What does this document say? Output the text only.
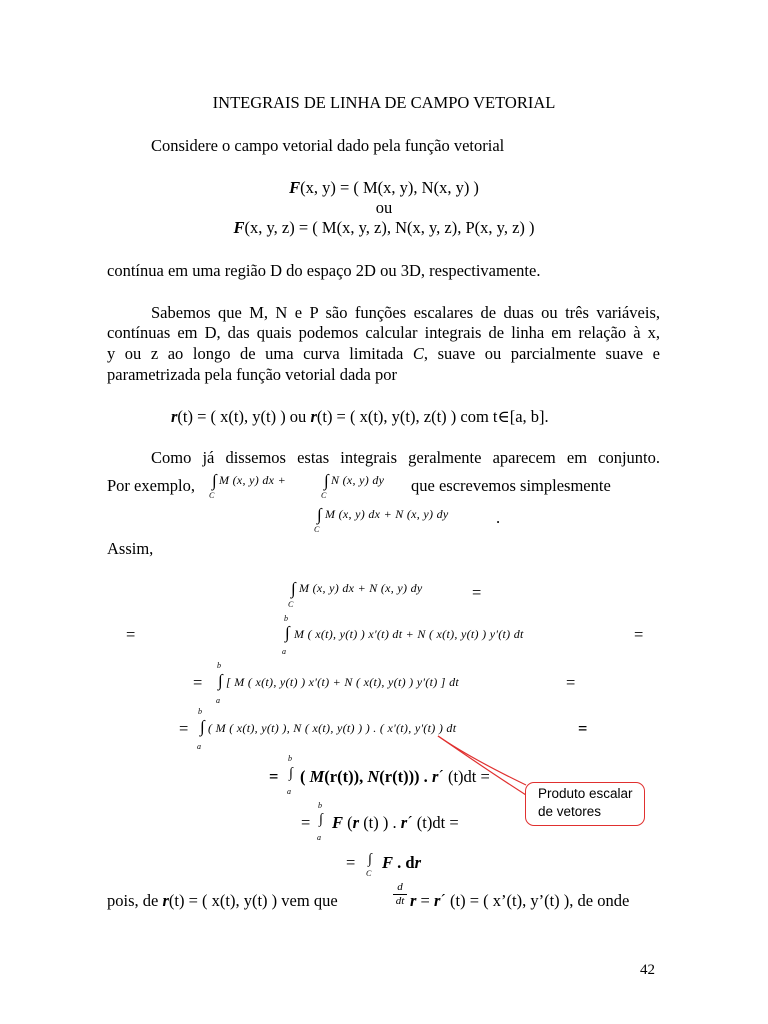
INTEGRAIS DE LINHA DE CAMPO VETORIAL
Considere o campo vetorial dado pela função vetorial
F(x, y) = ( M(x, y), N(x, y) )
ou
F(x, y, z) = ( M(x, y, z), N(x, y, z), P(x, y, z) )
contínua em uma região D do espaço 2D ou 3D, respectivamente.
Sabemos que M, N e P são funções escalares de duas ou três variáveis,
contínuas em D, das quais podemos calcular integrais de linha em relação à x,
y ou z ao longo de uma curva limitada C, suave ou parcialmente suave e
parametrizada pela função vetorial dada por
r(t) = ( x(t), y(t) ) ou r(t) = ( x(t), y(t), z(t) ) com t∈[a, b].
Como já dissemos estas integrais geralmente aparecem em conjunto.
Por exemplo, ∫
C
M (x, y) dx + ∫
C
N (x, y) dy que escrevemos simplesmente
∫
C
M (x, y) dx + N (x, y) dy	.
Assim,
∫
C
M (x, y) dx + N (x, y) dy	=
=
b
∫
a
M ( x(t), y(t) ) x'(t) dt + N ( x(t), y(t) ) y'(t) dt	=
=
b
∫
a
[ M ( x(t), y(t) ) x'(t) + N ( x(t), y(t) ) y'(t) ] dt	=
=
b
∫
a
( M ( x(t), y(t) ), N ( x(t), y(t) ) ) . ( x'(t), y'(t) ) dt	=
=
b
∫
a
( M(r(t)), N(r(t))) . r´ (t)dt =
=
b
∫
a
F (r (t) ) . r´ (t)dt =
= ∫
C
F . dr
Produto escalar
de vetores
pois, de r(t) = ( x(t), y(t) ) vem que
d
dt r = r´ (t) = ( x’(t), y’(t) ), de onde
42
